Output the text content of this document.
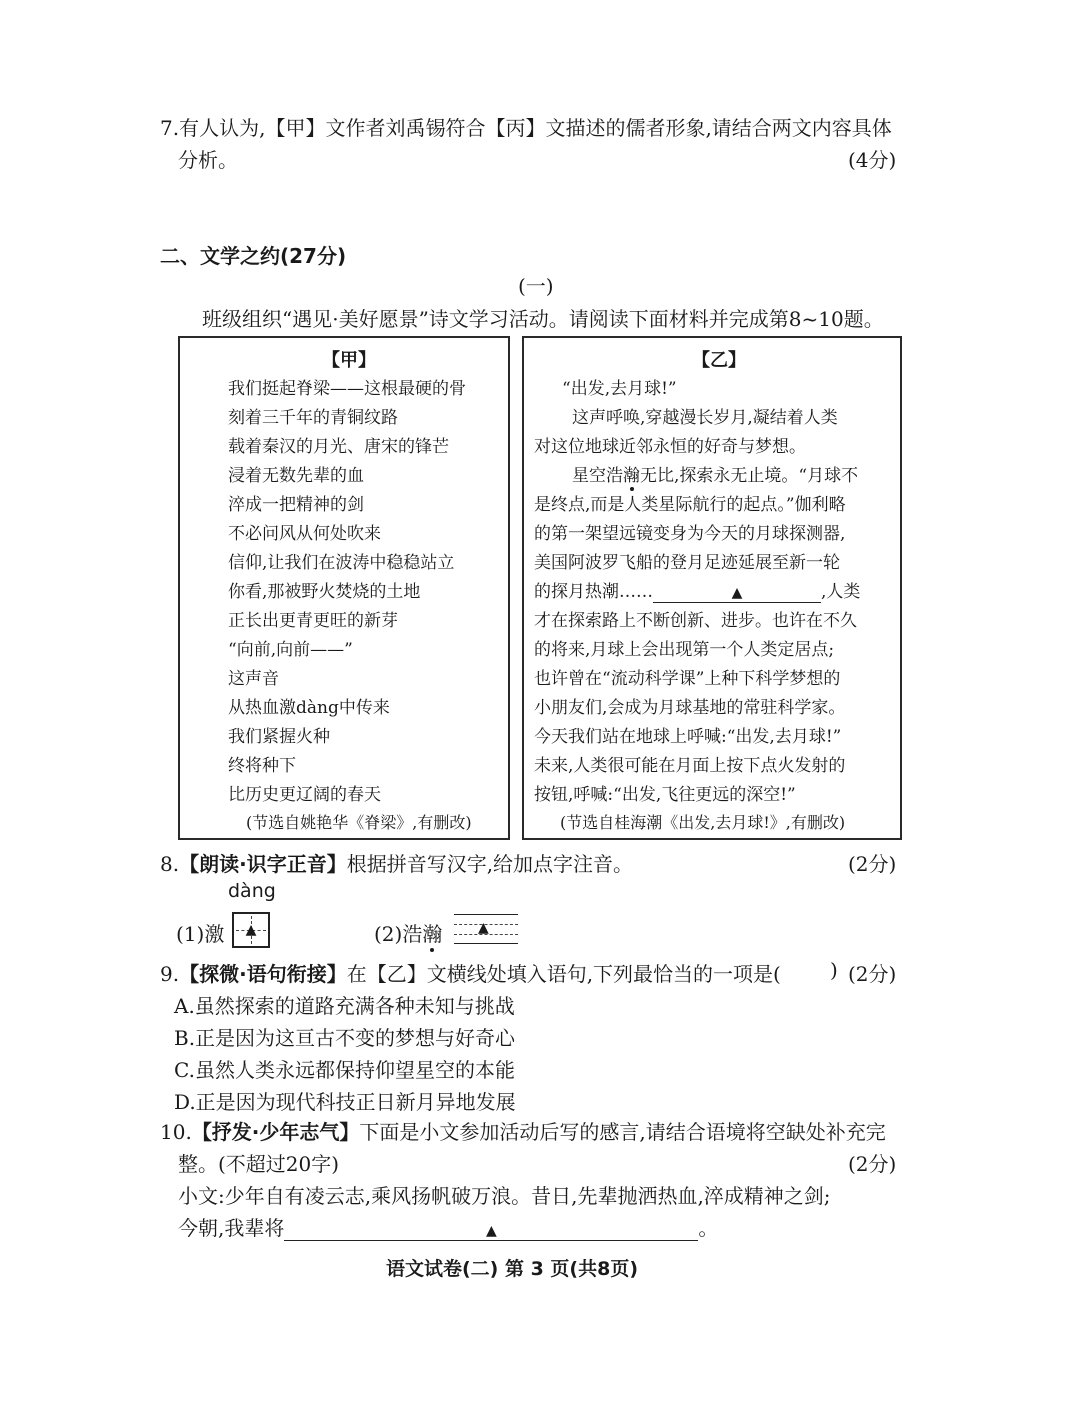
7.有人认为,【甲】文作者刘禹锡符合【丙】文描述的儒者形象,请结合两文内容具体
分析。	(4分)
二、文学之约(27分)
(一)
班级组织“遇见·美好愿景”诗文学习活动。请阅读下面材料并完成第8~10题。
【甲】
我们挺起脊梁——这根最硬的骨
刻着三千年的青铜纹路
载着秦汉的月光、唐宋的锋芒
浸着无数先辈的血
淬成一把精神的剑
不必问风从何处吹来
信仰,让我们在波涛中稳稳站立
你看,那被野火焚烧的土地
正长出更青更旺的新芽
“向前,向前——”
这声音
从热血激dàng中传来
我们紧握火种
终将种下
比历史更辽阔的春天
(节选自姚艳华《脊梁》,有删改)
【乙】
“出发,去月球!”
这声呼唤,穿越漫长岁月,凝结着人类
对这位地球近邻永恒的好奇与梦想。
星空浩瀚无比,探索永无止境。“月球不
是终点,而是人类星际航行的起点。”伽利略
的第一架望远镜变身为今天的月球探测器,
美国阿波罗飞船的登月足迹延展至新一轮
的探月热潮……	▲	,人类
才在探索路上不断创新、进步。也许在不久
的将来,月球上会出现第一个人类定居点;
也许曾在“流动科学课”上种下科学梦想的
小朋友们,会成为月球基地的常驻科学家。
今天我们站在地球上呼喊:“出发,去月球!”
未来,人类很可能在月面上按下点火发射的
按钮,呼喊:“出发,飞往更远的深空!”
(节选自桂海潮《出发,去月球!》,有删改)
8.【朗读·识字正音】根据拼音写汉字,给加点字注音。	(2分)
dàng
(1)激 ▲	(2)浩瀚	▲
9.【探微·语句衔接】在【乙】文横线处填入语句,下列最恰当的一项是( ) (2分)
A.虽然探索的道路充满各种未知与挑战
B.正是因为这亘古不变的梦想与好奇心
C.虽然人类永远都保持仰望星空的本能
D.正是因为现代科技正日新月异地发展
10.【抒发·少年志气】下面是小文参加活动后写的感言,请结合语境将空缺处补充完
整。(不超过20字)	(2分)
小文:少年自有凌云志,乘风扬帆破万浪。昔日,先辈抛洒热血,淬成精神之剑;
今朝,我辈将	▲	。
语文试卷(二) 第 3 页(共8页)
